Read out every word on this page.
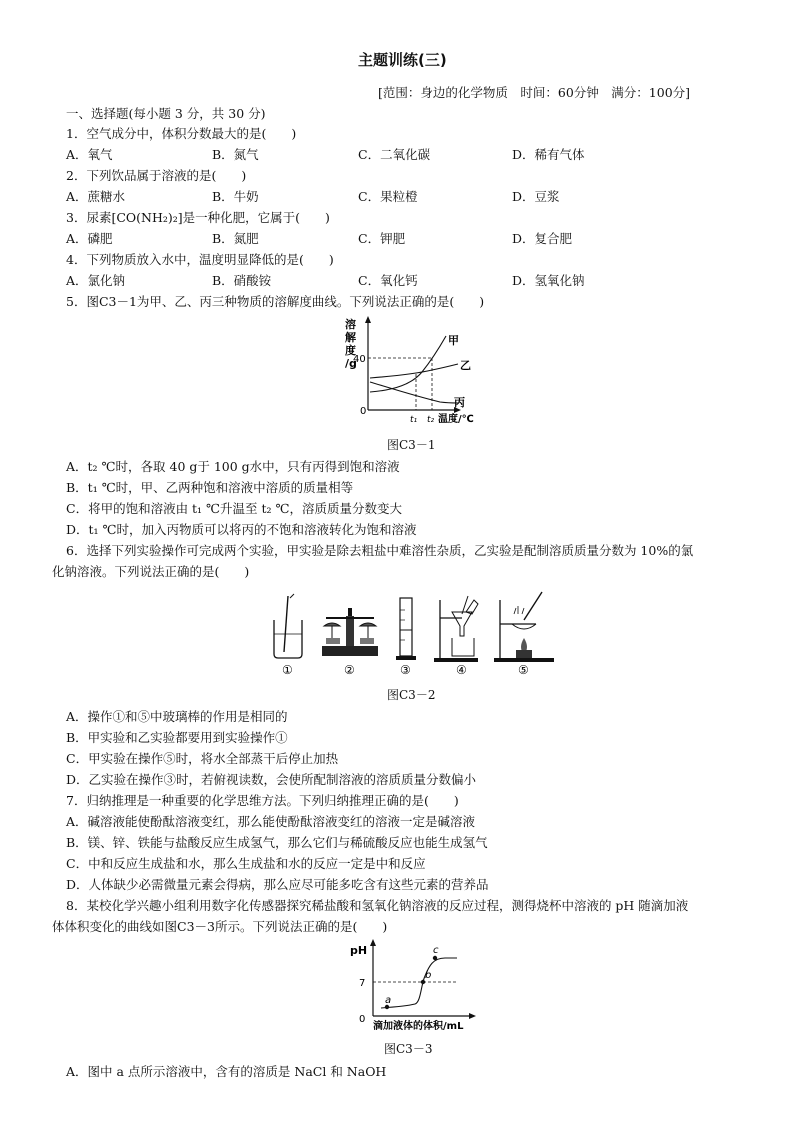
主题训练(三)
[范围：身边的化学物质　时间：60分钟　满分：100分]
一、选择题(每小题 3 分，共 30 分)
1．空气成分中，体积分数最大的是(　　)
A．氧气	B．氮气	C．二氧化碳	D．稀有气体
2．下列饮品属于溶液的是(　　)
A．蔗糖水	B．牛奶	C．果粒橙	D．豆浆
3．尿素[CO(NH₂)₂]是一种化肥，它属于(　　)
A．磷肥	B．氮肥	C．钾肥	D．复合肥
4．下列物质放入水中，温度明显降低的是(　　)
A．氯化钠	B．硝酸铵	C．氧化钙	D．氢氧化钠
5．图C3－1为甲、乙、丙三种物质的溶解度曲线。下列说法正确的是(　　)
溶
解
度
/g
40
0
甲
乙
丙
t₁ t₂ 温度/℃
图C3－1
A．t₂ ℃时，各取 40 g于 100 g水中，只有丙得到饱和溶液
B．t₁ ℃时，甲、乙两种饱和溶液中溶质的质量相等
C．将甲的饱和溶液由 t₁ ℃升温至 t₂ ℃，溶质质量分数变大
D．t₁ ℃时，加入丙物质可以将丙的不饱和溶液转化为饱和溶液
6．选择下列实验操作可完成两个实验，甲实验是除去粗盐中难溶性杂质，乙实验是配制溶质质量分数为 10%的氯
化钠溶液。下列说法正确的是(　　)
①	②	③	④	⑤
图C3－2
A．操作①和⑤中玻璃棒的作用是相同的
B．甲实验和乙实验都要用到实验操作①
C．甲实验在操作⑤时，将水全部蒸干后停止加热
D．乙实验在操作③时，若俯视读数，会使所配制溶液的溶质质量分数偏小
7．归纳推理是一种重要的化学思维方法。下列归纳推理正确的是(　　)
A．碱溶液能使酚酞溶液变红，那么能使酚酞溶液变红的溶液一定是碱溶液
B．镁、锌、铁能与盐酸反应生成氢气，那么它们与稀硫酸反应也能生成氢气
C．中和反应生成盐和水，那么生成盐和水的反应一定是中和反应
D．人体缺少必需微量元素会得病，那么应尽可能多吃含有这些元素的营养品
8．某校化学兴趣小组利用数字化传感器探究稀盐酸和氢氧化钠溶液的反应过程，测得烧杯中溶液的 pH 随滴加液
体体积变化的曲线如图C3－3所示。下列说法正确的是(　　)
pH
7
0
a
b
c
滴加液体的体积/mL
图C3－3
A．图中 a 点所示溶液中，含有的溶质是 NaCl 和 NaOH
